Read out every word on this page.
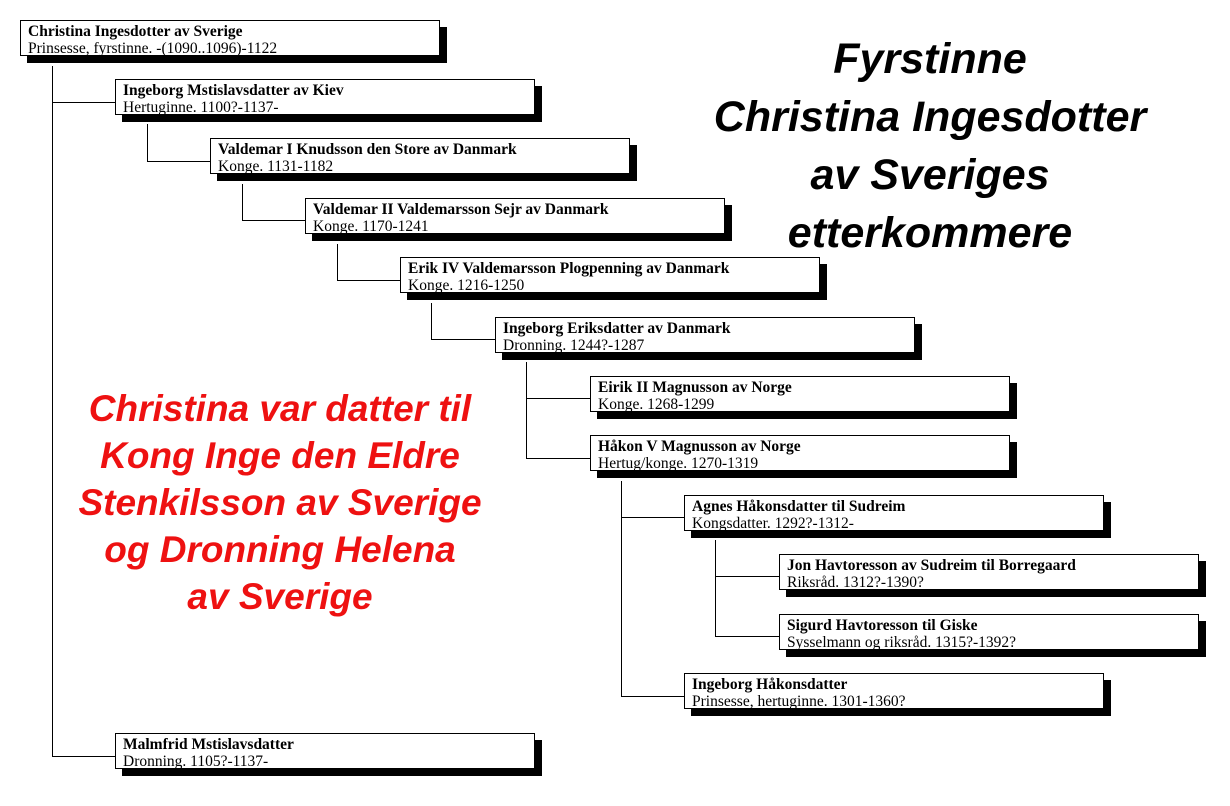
Christina Ingesdotter av Sverige
Prinsesse, fyrstinne. -(1090..1096)-1122
Ingeborg Mstislavsdatter av Kiev
Hertuginne. 1100?-1137-
Valdemar I Knudsson den Store av Danmark
Konge. 1131-1182
Valdemar II Valdemarsson Sejr av Danmark
Konge. 1170-1241
Erik IV Valdemarsson Plogpenning av Danmark
Konge. 1216-1250
Ingeborg Eriksdatter av Danmark
Dronning. 1244?-1287
Eirik II Magnusson av Norge
Konge. 1268-1299
Håkon V Magnusson av Norge
Hertug/konge. 1270-1319
Agnes Håkonsdatter til Sudreim
Kongsdatter. 1292?-1312-
Jon Havtoresson av Sudreim til Borregaard
Riksråd. 1312?-1390?
Sigurd Havtoresson til Giske
Sysselmann og riksråd. 1315?-1392?
Ingeborg Håkonsdatter
Prinsesse, hertuginne. 1301-1360?
Malmfrid Mstislavsdatter
Dronning. 1105?-1137-
Fyrstinne
Christina Ingesdotter
av Sveriges
etterkommere
Christina var datter til
Kong Inge den Eldre
Stenkilsson av Sverige
og Dronning Helena
av Sverige
